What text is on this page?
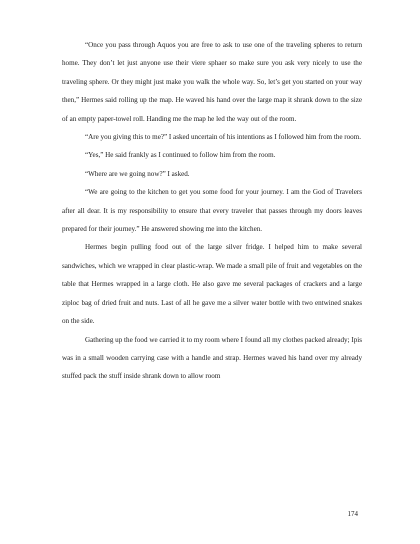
“Once you pass through Aquos you are free to ask to use one of the traveling spheres to return home. They don’t let just anyone use their viere sphaer so make sure you ask very nicely to use the traveling sphere. Or they might just make you walk the whole way. So, let’s get you started on your way then,” Hermes said rolling up the map. He waved his hand over the large map it shrank down to the size of an empty paper-towel roll. Handing me the map he led the way out of the room.

“Are you giving this to me?” I asked uncertain of his intentions as I followed him from the room.

“Yes,” He said frankly as I continued to follow him from the room.

“Where are we going now?” I asked.

“We are going to the kitchen to get you some food for your journey. I am the God of Travelers after all dear. It is my responsibility to ensure that every traveler that passes through my doors leaves prepared for their journey.” He answered showing me into the kitchen.

Hermes begin pulling food out of the large silver fridge. I helped him to make several sandwiches, which we wrapped in clear plastic-wrap. We made a small pile of fruit and vegetables on the table that Hermes wrapped in a large cloth. He also gave me several packages of crackers and a large ziploc bag of dried fruit and nuts. Last of all he gave me a silver water bottle with two entwined snakes on the side.

Gathering up the food we carried it to my room where I found all my clothes packed already; Ipis was in a small wooden carrying case with a handle and strap. Hermes waved his hand over my already stuffed pack the stuff inside shrank down to allow room

174
